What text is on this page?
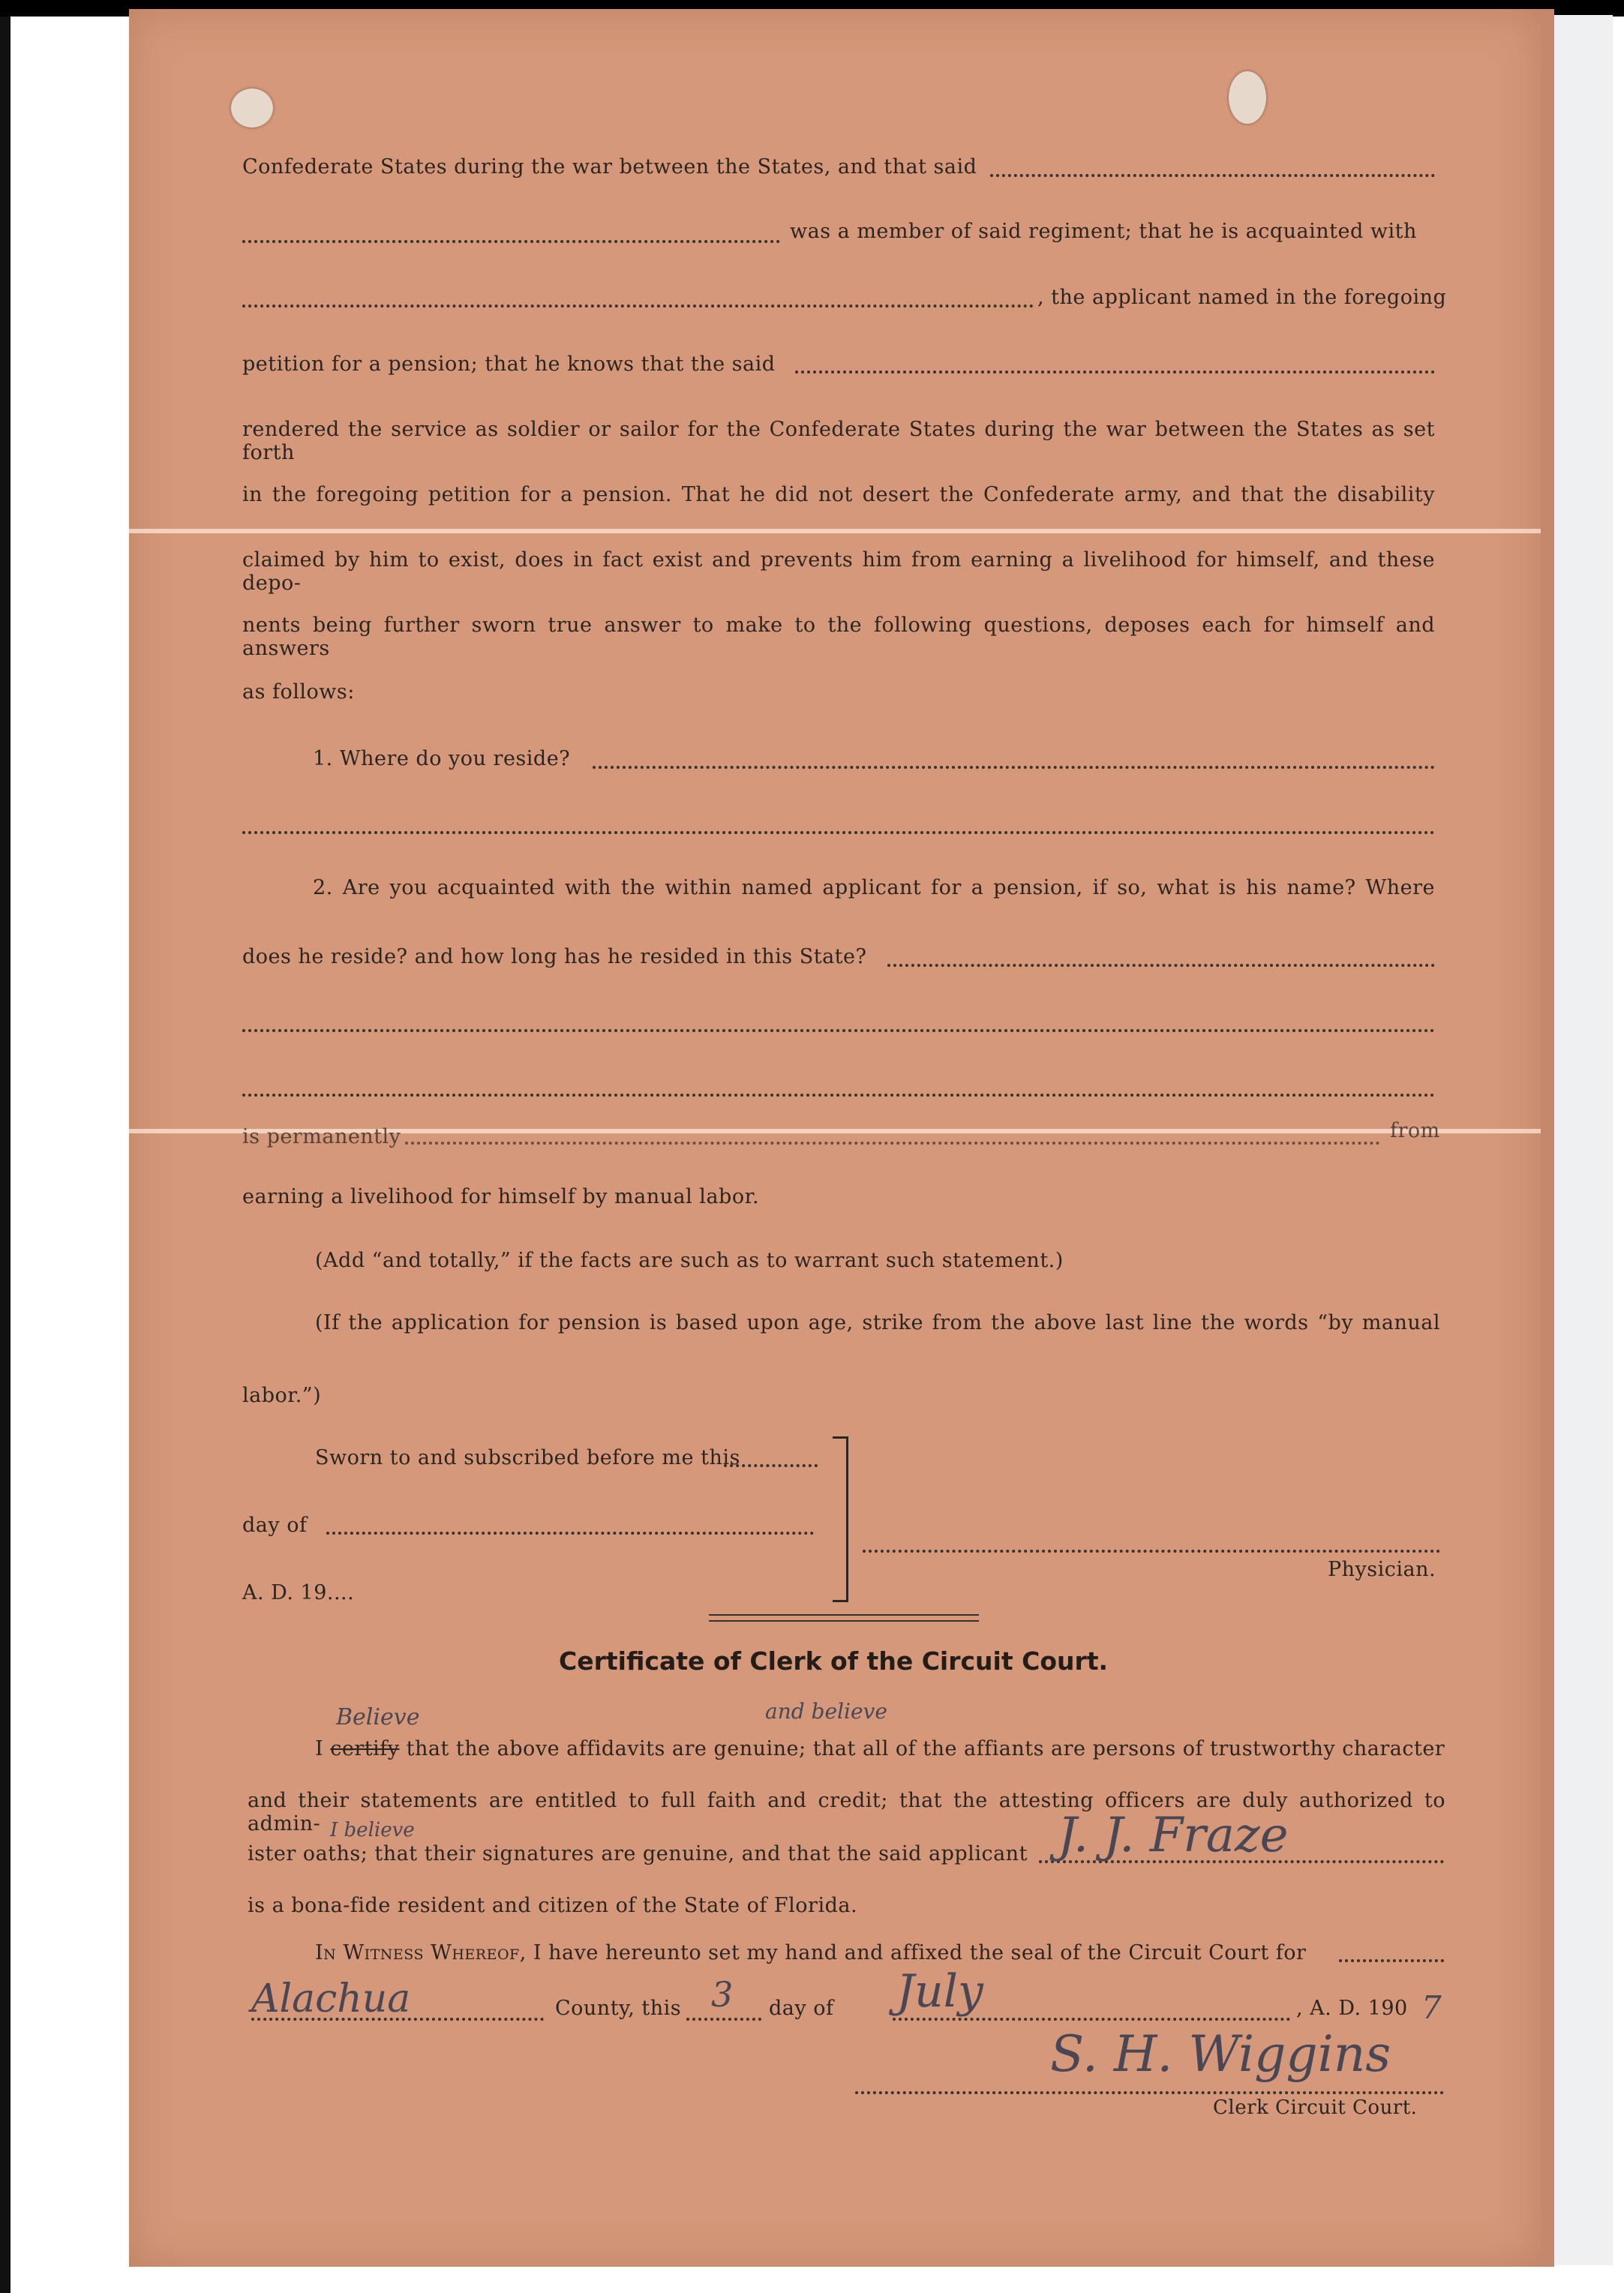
Confederate States during the war between the States, and that said
was a member of said regiment; that he is acquainted with
, the applicant named in the foregoing
petition for a pension; that he knows that the said
rendered the service as soldier or sailor for the Confederate States during the war between the States as set forth
in the foregoing petition for a pension. That he did not desert the Confederate army, and that the disability
claimed by him to exist, does in fact exist and prevents him from earning a livelihood for himself, and these depo-
nents being further sworn true answer to make to the following questions, deposes each for himself and answers
as follows:
1. Where do you reside?
2. Are you acquainted with the within named applicant for a pension, if so, what is his name? Where
does he reside? and how long has he resided in this State?
is permanently	from
earning a livelihood for himself by manual labor.
(Add “and totally,” if the facts are such as to warrant such statement.)
(If the application for pension is based upon age, strike from the above last line the words “by manual
labor.”)
Sworn to and subscribed before me this
day of
A. D. 19....
Physician.
Certificate of Clerk of the Circuit Court.
Believe	and believe
I certify that the above affidavits are genuine; that all of the affiants are persons of trustworthy character
and their statements are entitled to full faith and credit; that the attesting officers are duly authorized to admin- I believe
ister oaths; that their signatures are genuine, and that the said applicant J. J. Fraze
is a bona-fide resident and citizen of the State of Florida.
In Witness Whereof, I have hereunto set my hand and affixed the seal of the Circuit Court for
Alachua	County, this 3 day of July	, A. D. 190 7
S. H. Wiggins
Clerk Circuit Court.
